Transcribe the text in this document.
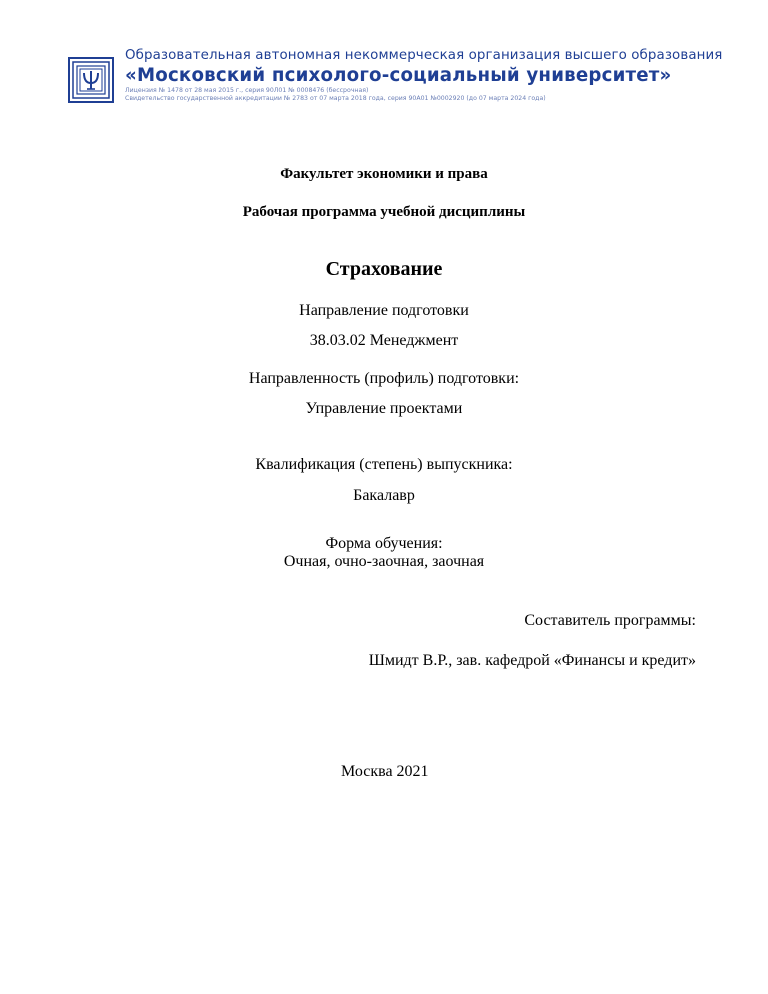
Образовательная автономная некоммерческая организация высшего образования
«Московский психолого-социальный университет»
Лицензия № 1478 от 28 мая 2015 г., серия 90Л01 № 0008476 (бессрочная)
Свидетельство государственной аккредитации № 2783 от 07 марта 2018 года, серия 90А01 №0002920 (до 07 марта 2024 года)
Факультет экономики и права
Рабочая программа учебной дисциплины
Страхование
Направление подготовки
38.03.02 Менеджмент
Направленность (профиль) подготовки:
Управление проектами
Квалификация (степень) выпускника:
Бакалавр
Форма обучения:
Очная, очно-заочная, заочная
Составитель программы:
Шмидт В.Р., зав. кафедрой «Финансы и кредит»
Москва 2021
